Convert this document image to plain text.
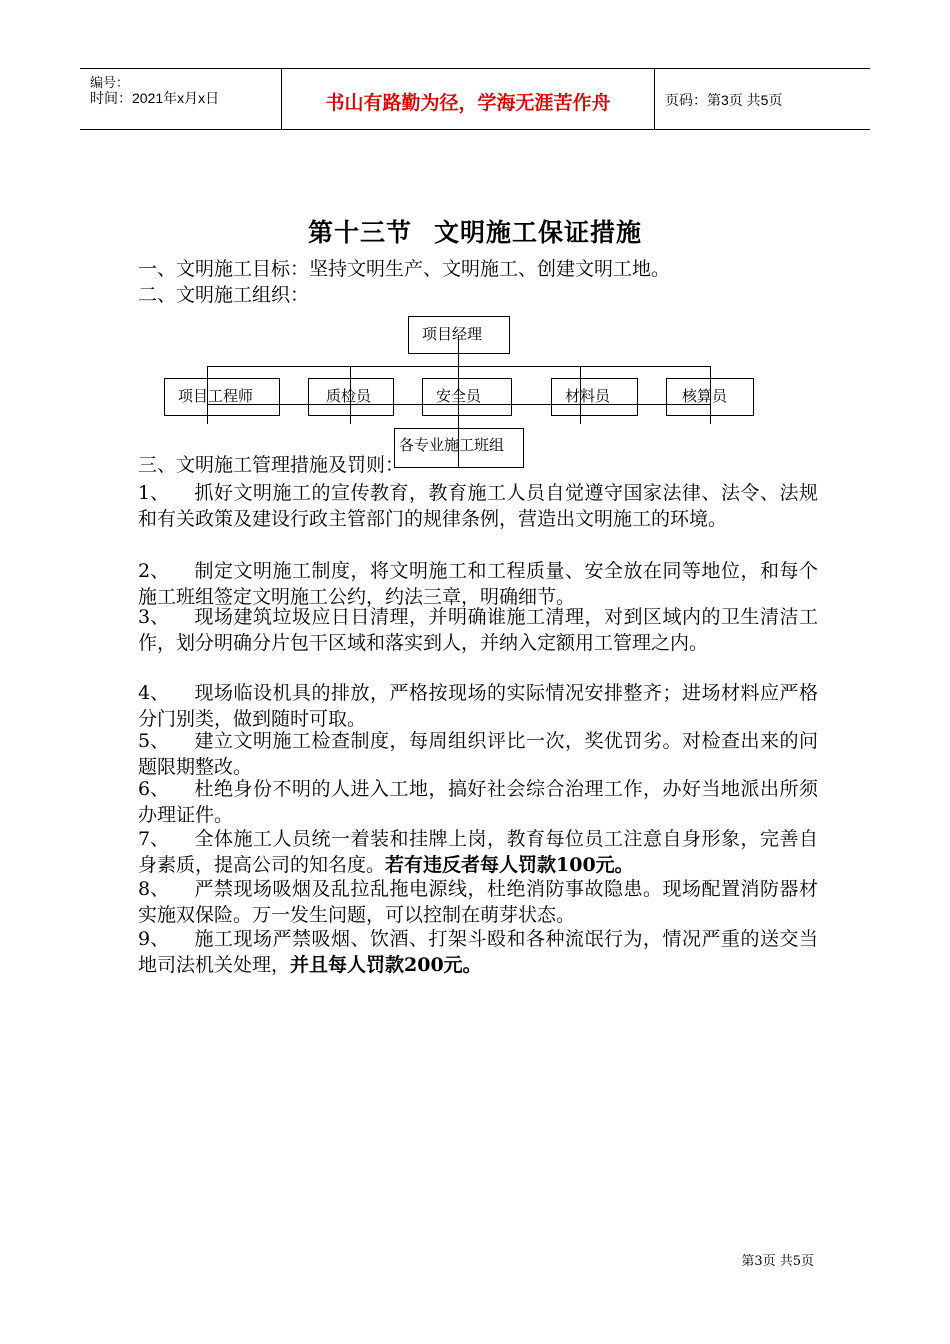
编号：
时间：2021年x月x日	书山有路勤为径，学海无涯苦作舟	页码：第3页 共5页
第十三节 文明施工保证措施
一、文明施工目标：坚持文明生产、文明施工、创建文明工地。
二、文明施工组织：
项目经理
项目工程师	质检员	安全员	材料员	核算员
各专业施工班组
三、文明施工管理措施及罚则：
1、 抓好文明施工的宣传教育，教育施工人员自觉遵守国家法律、法令、法规和有关政策及建设行政主管部门的规律条例，营造出文明施工的环境。
2、 制定文明施工制度，将文明施工和工程质量、安全放在同等地位，和每个施工班组签定文明施工公约，约法三章，明确细节。
3、 现场建筑垃圾应日日清理，并明确谁施工清理，对到区域内的卫生清洁工作，划分明确分片包干区域和落实到人，并纳入定额用工管理之内。
4、 现场临设机具的排放，严格按现场的实际情况安排整齐；进场材料应严格分门别类，做到随时可取。
5、 建立文明施工检查制度，每周组织评比一次，奖优罚劣。对检查出来的问题限期整改。
6、 杜绝身份不明的人进入工地，搞好社会综合治理工作，办好当地派出所须办理证件。
7、 全体施工人员统一着装和挂牌上岗，教育每位员工注意自身形象，完善自身素质，提高公司的知名度。若有违反者每人罚款100元。
8、 严禁现场吸烟及乱拉乱拖电源线，杜绝消防事故隐患。现场配置消防器材实施双保险。万一发生问题，可以控制在萌芽状态。
9、 施工现场严禁吸烟、饮酒、打架斗殴和各种流氓行为，情况严重的送交当地司法机关处理，并且每人罚款200元。
第3页 共5页
